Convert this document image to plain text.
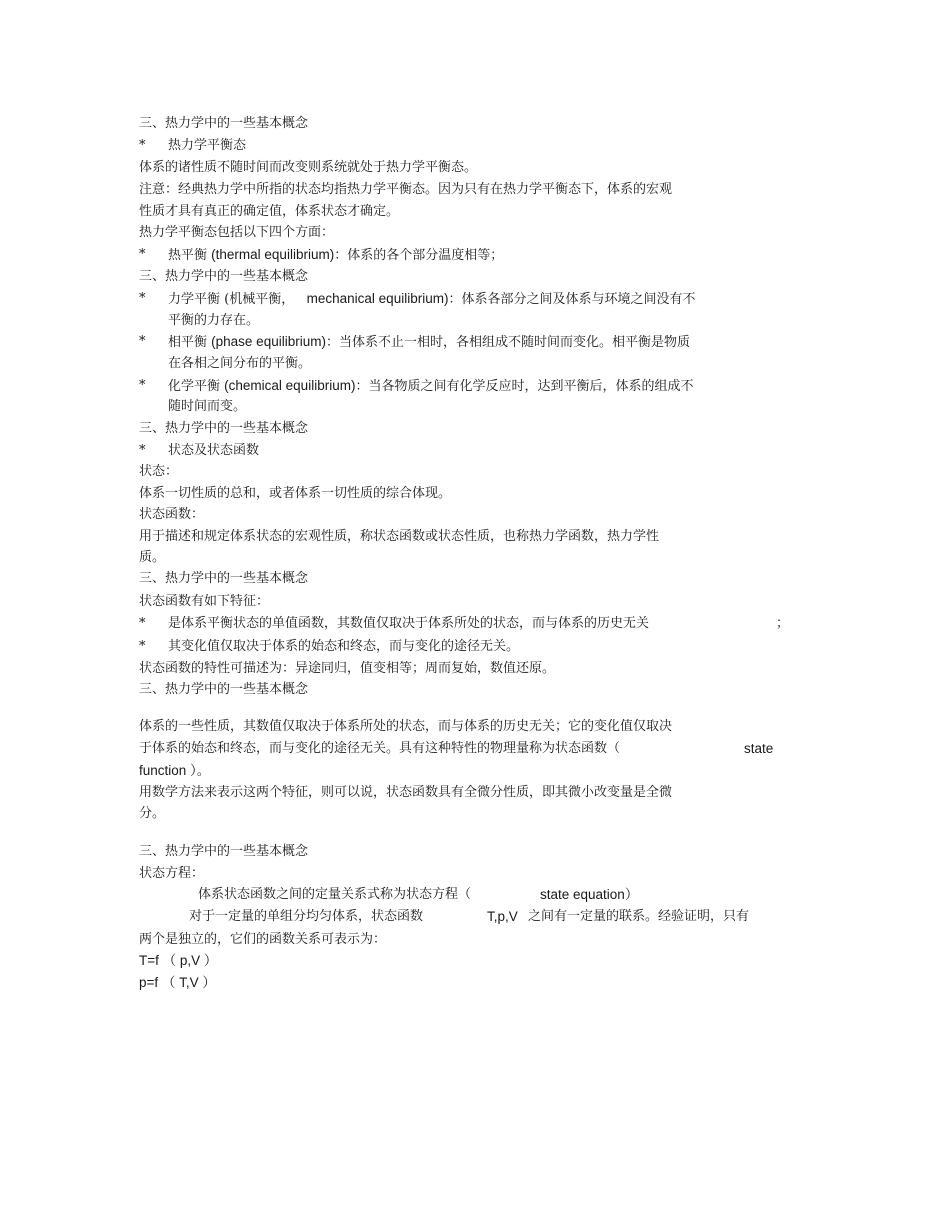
三、热力学中的一些基本概念
* 热力学平衡态
体系的诸性质不随时间而改变则系统就处于热力学平衡态。
注意：经典热力学中所指的状态均指热力学平衡态。因为只有在热力学平衡态下，体系的宏观
性质才具有真正的确定值，体系状态才确定。
热力学平衡态包括以下四个方面：
* 热平衡 (thermal equilibrium)：体系的各个部分温度相等；
三、热力学中的一些基本概念
* 力学平衡 (机械平衡， mechanical equilibrium)：体系各部分之间及体系与环境之间没有不
平衡的力存在。
* 相平衡 (phase equilibrium)：当体系不止一相时，各相组成不随时间而变化。相平衡是物质
在各相之间分布的平衡。
* 化学平衡 (chemical equilibrium)：当各物质之间有化学反应时，达到平衡后，体系的组成不
随时间而变。
三、热力学中的一些基本概念
* 状态及状态函数
状态：
体系一切性质的总和，或者体系一切性质的综合体现。
状态函数：
用于描述和规定体系状态的宏观性质，称状态函数或状态性质，也称热力学函数，热力学性
质。
三、热力学中的一些基本概念
状态函数有如下特征：
* 是体系平衡状态的单值函数，其数值仅取决于体系所处的状态，而与体系的历史无关	；
* 其变化值仅取决于体系的始态和终态，而与变化的途径无关。
状态函数的特性可描述为：异途同归，值变相等；周而复始，数值还原。
三、热力学中的一些基本概念
体系的一些性质，其数值仅取决于体系所处的状态，而与体系的历史无关；它的变化值仅取决
于体系的始态和终态，而与变化的途径无关。具有这种特性的物理量称为状态函数（	state
function ）。
用数学方法来表示这两个特征，则可以说，状态函数具有全微分性质，即其微小改变量是全微
分。
三、热力学中的一些基本概念
状态方程：
体系状态函数之间的定量关系式称为状态方程（	state equation）
对于一定量的单组分均匀体系，状态函数	T,p,V 之间有一定量的联系。经验证明，只有
两个是独立的，它们的函数关系可表示为：
T=f （ p,V ）
p=f （ T,V ）
